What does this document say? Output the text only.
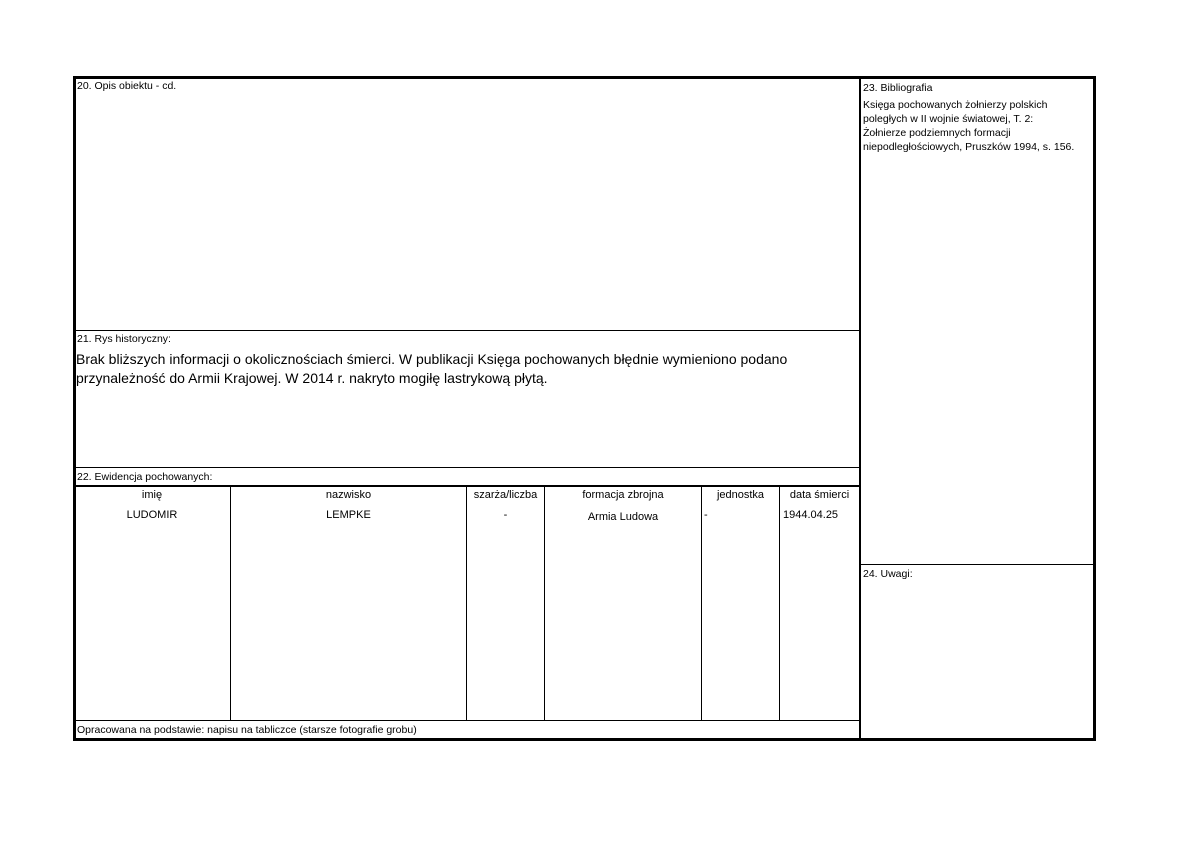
20. Opis obiektu - cd.
21. Rys historyczny:
Brak bliższych informacji o okolicznościach śmierci. W publikacji Księga pochowanych błędnie wymieniono podano
przynależność do Armii Krajowej. W 2014 r. nakryto mogiłę lastrykową płytą.
22. Ewidencja pochowanych:
imię	nazwisko	szarża/liczba	formacja zbrojna	jednostka	data śmierci
LUDOMIR	LEMPKE	-	Armia Ludowa	-	1944.04.25
Opracowana na podstawie: napisu na tabliczce (starsze fotografie grobu)
23. Bibliografia
Księga pochowanych żołnierzy polskich
poległych w II wojnie światowej, T. 2:
Żołnierze podziemnych formacji
niepodległościowych, Pruszków 1994, s. 156.
24. Uwagi:
